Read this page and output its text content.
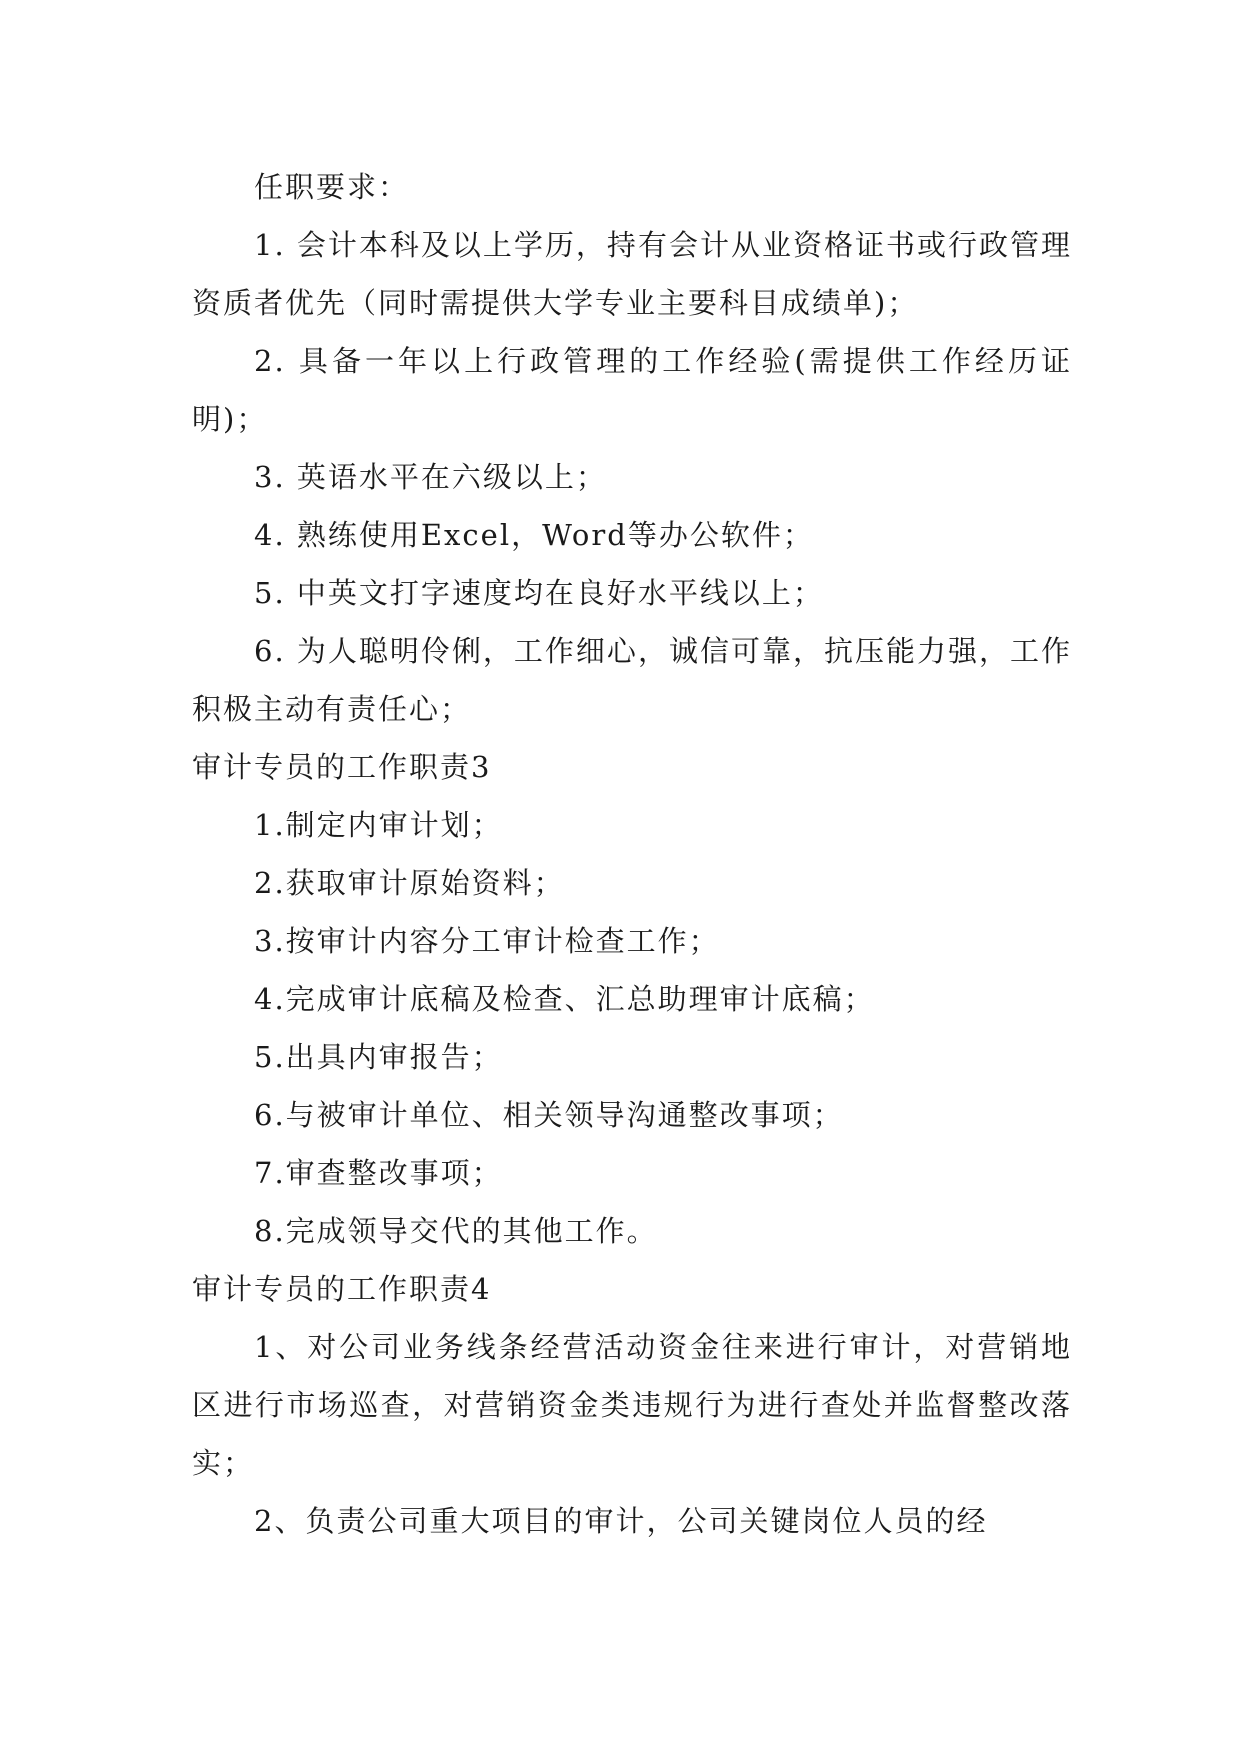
任职要求：

1. 会计本科及以上学历，持有会计从业资格证书或行政管理资质者优先（同时需提供大学专业主要科目成绩单)；

2. 具备一年以上行政管理的工作经验(需提供工作经历证明)；

3. 英语水平在六级以上；

4. 熟练使用Excel，Word等办公软件；

5. 中英文打字速度均在良好水平线以上；

6. 为人聪明伶俐，工作细心，诚信可靠，抗压能力强，工作积极主动有责任心；

审计专员的工作职责3

1.制定内审计划；

2.获取审计原始资料；

3.按审计内容分工审计检查工作；

4.完成审计底稿及检查、汇总助理审计底稿；

5.出具内审报告；

6.与被审计单位、相关领导沟通整改事项；

7.审查整改事项；

8.完成领导交代的其他工作。

审计专员的工作职责4

1、对公司业务线条经营活动资金往来进行审计，对营销地区进行市场巡查，对营销资金类违规行为进行查处并监督整改落实；

2、负责公司重大项目的审计，公司关键岗位人员的经
